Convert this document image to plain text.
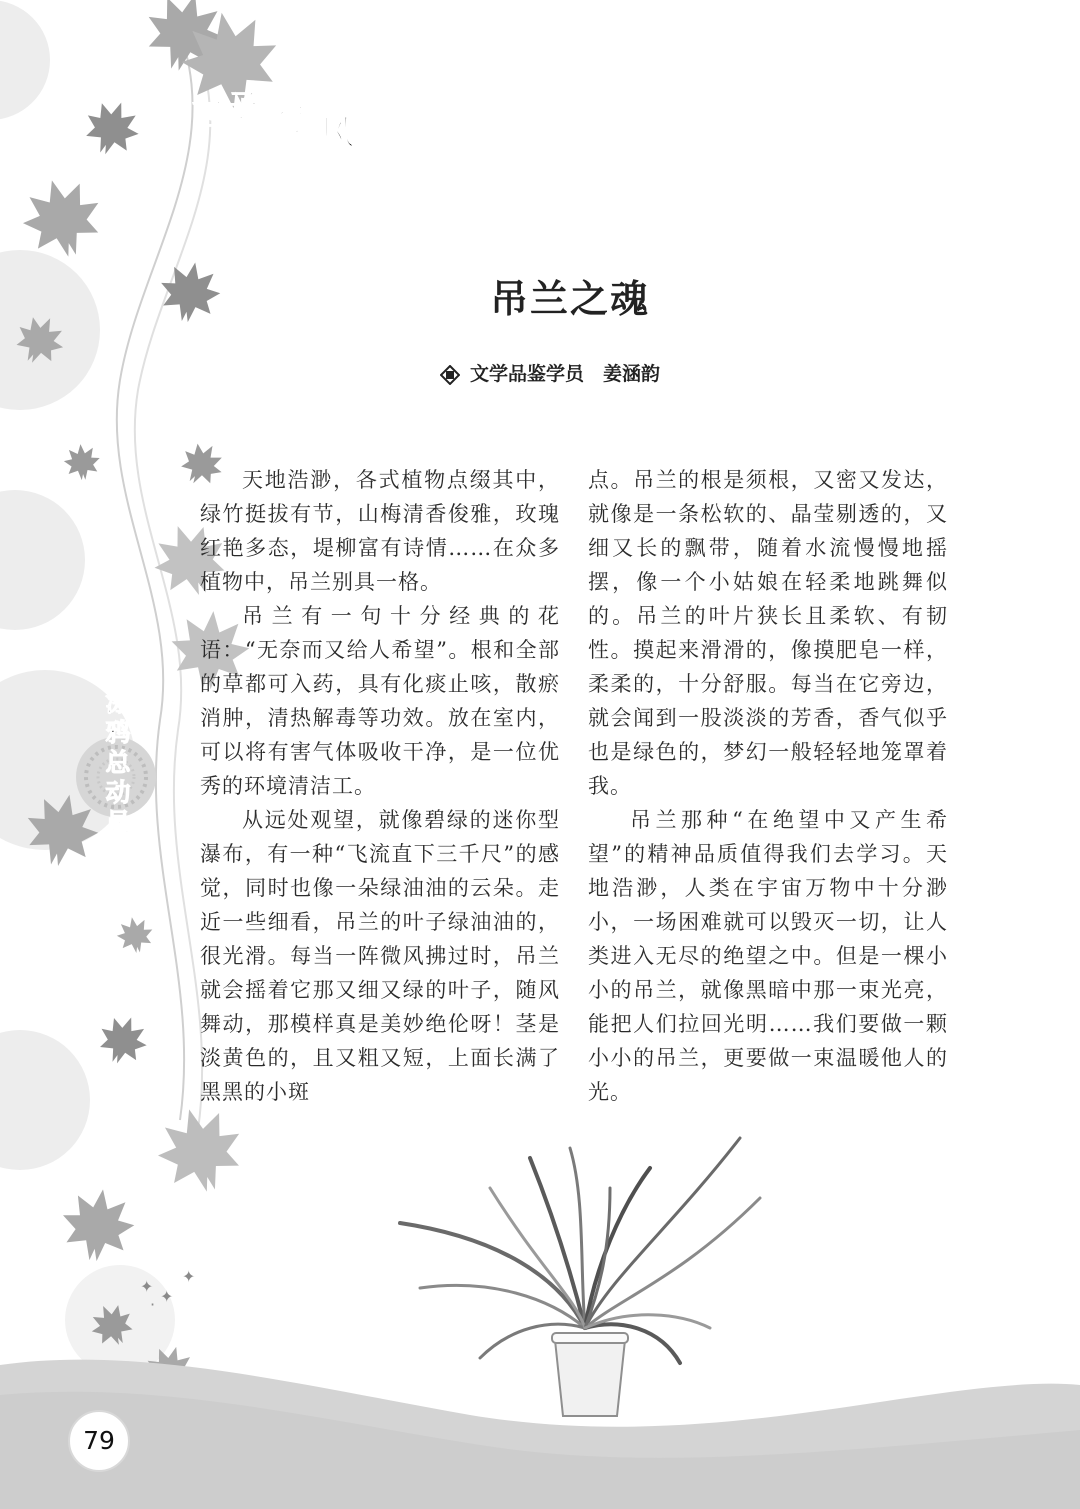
✦
✦
✦
·
西 子 荷 风
吊兰之魂
文学品鉴学员　姜涵韵
涂
鸦
总
动
员

天地浩渺，各式植物点缀其中，绿竹挺拔有节，山梅清香俊雅，玫瑰红艳多态，堤柳富有诗情……在众多植物中，吊兰别具一格。

吊兰有一句十分经典的花语：“无奈而又给人希望”。根和全部的草都可入药，具有化痰止咳，散瘀消肿，清热解毒等功效。放在室内，可以将有害气体吸收干净，是一位优秀的环境清洁工。

从远处观望，就像碧绿的迷你型瀑布，有一种“飞流直下三千尺”的感觉，同时也像一朵绿油油的云朵。走近一些细看，吊兰的叶子绿油油的，很光滑。每当一阵微风拂过时，吊兰就会摇着它那又细又绿的叶子，随风舞动，那模样真是美妙绝伦呀！茎是淡黄色的，且又粗又短，上面长满了黑黑的小斑

点。吊兰的根是须根，又密又发达，就像是一条松软的、晶莹剔透的，又细又长的飘带，随着水流慢慢地摇摆，像一个小姑娘在轻柔地跳舞似的。吊兰的叶片狭长且柔软、有韧性。摸起来滑滑的，像摸肥皂一样，柔柔的，十分舒服。每当在它旁边，就会闻到一股淡淡的芳香，香气似乎也是绿色的，梦幻一般轻轻地笼罩着我。

吊兰那种“在绝望中又产生希望”的精神品质值得我们去学习。天地浩渺，人类在宇宙万物中十分渺小，一场困难就可以毁灭一切，让人类进入无尽的绝望之中。但是一棵小小的吊兰，就像黑暗中那一束光亮，能把人们拉回光明……我们要做一颗小小的吊兰，更要做一束温暖他人的光。

79
